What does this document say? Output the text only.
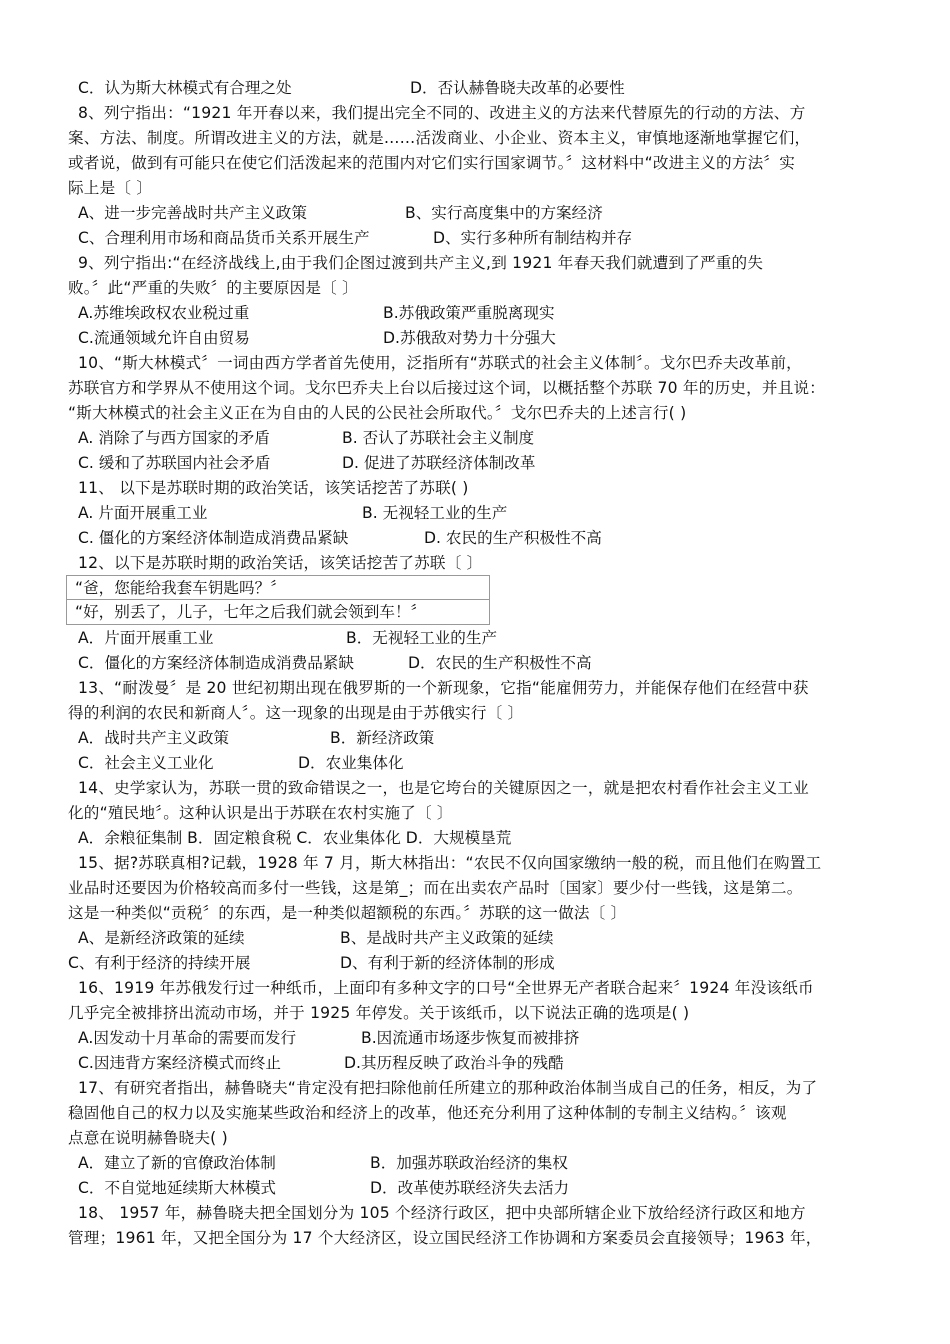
C．认为斯大林模式有合理之处	D．否认赫鲁晓夫改革的必要性
8、列宁指出：“1921 年开春以来，我们提出完全不同的、改进主义的方法来代替原先的行动的方法、方
案、方法、制度。所谓改进主义的方法，就是……活泼商业、小企业、资本主义，审慎地逐渐地掌握它们，
或者说，做到有可能只在使它们活泼起来的范围内对它们实行国家调节。〞这材料中“改进主义的方法〞实
际上是〔 〕
A、进一步完善战时共产主义政策	B、实行高度集中的方案经济
C、合理利用市场和商品货币关系开展生产	D、实行多种所有制结构并存
9、列宁指出:“在经济战线上,由于我们企图过渡到共产主义,到 1921 年春天我们就遭到了严重的失
败。〞此“严重的失败〞的主要原因是〔 〕
A.苏维埃政权农业税过重	B.苏俄政策严重脱离现实
C.流通领域允许自由贸易	D.苏俄敌对势力十分强大
10、“斯大林模式〞一词由西方学者首先使用，泛指所有“苏联式的社会主义体制〞。戈尔巴乔夫改革前，
苏联官方和学界从不使用这个词。戈尔巴乔夫上台以后接过这个词，以概括整个苏联 70 年的历史，并且说：
“斯大林模式的社会主义正在为自由的人民的公民社会所取代。〞戈尔巴乔夫的上述言行( )
A. 消除了与西方国家的矛盾	B. 否认了苏联社会主义制度
C. 缓和了苏联国内社会矛盾	D. 促进了苏联经济体制改革
11、 以下是苏联时期的政治笑话，该笑话挖苦了苏联( )
A. 片面开展重工业	B. 无视轻工业的生产
C. 僵化的方案经济体制造成消费品紧缺	D. 农民的生产积极性不高
12、以下是苏联时期的政治笑话，该笑话挖苦了苏联〔 〕
“爸，您能给我套车钥匙吗？〞
“好，别丢了，儿子，七年之后我们就会领到车！〞
A．片面开展重工业	B．无视轻工业的生产
C．僵化的方案经济体制造成消费品紧缺	D．农民的生产积极性不高
13、“耐泼曼〞是 20 世纪初期出现在俄罗斯的一个新现象，它指“能雇佣劳力，并能保存他们在经营中获
得的利润的农民和新商人〞。这一现象的出现是由于苏俄实行〔 〕
A．战时共产主义政策	B．新经济政策
C．社会主义工业化	D．农业集体化
14、史学家认为，苏联一贯的致命错误之一，也是它垮台的关键原因之一，就是把农村看作社会主义工业
化的“殖民地〞。这种认识是出于苏联在农村实施了〔 〕
A．余粮征集制 B．固定粮食税 C．农业集体化 D．大规模垦荒
15、据?苏联真相?记载，1928 年 7 月，斯大林指出：“农民不仅向国家缴纳一般的税，而且他们在购置工
业品时还要因为价格较高而多付一些钱，这是第_；而在出卖农产品时〔国家〕要少付一些钱，这是第二。
这是一种类似“贡税〞的东西，是一种类似超额税的东西。〞苏联的这一做法〔 〕
A、是新经济政策的延续	B、是战时共产主义政策的延续
C、有利于经济的持续开展	D、有利于新的经济体制的形成
16、1919 年苏俄发行过一种纸币，上面印有多种文字的口号“全世界无产者联合起来〞1924 年没该纸币
几乎完全被排挤出流动市场，并于 1925 年停发。关于该纸币，以下说法正确的选项是( )
A.因发动十月革命的需要而发行	B.因流通市场逐步恢复而被排挤
C.因违背方案经济模式而终止	D.其历程反映了政治斗争的残酷
17、有研究者指出，赫鲁晓夫“肯定没有把扫除他前任所建立的那种政治体制当成自己的任务，相反，为了
稳固他自己的权力以及实施某些政治和经济上的改革，他还充分利用了这种体制的专制主义结构。〞该观
点意在说明赫鲁晓夫( )
A．建立了新的官僚政治体制	B．加强苏联政治经济的集权
C．不自觉地延续斯大林模式	D．改革使苏联经济失去活力
18、 1957 年，赫鲁晓夫把全国划分为 105 个经济行政区，把中央部所辖企业下放给经济行政区和地方
管理；1961 年，又把全国分为 17 个大经济区，设立国民经济工作协调和方案委员会直接领导；1963 年，
